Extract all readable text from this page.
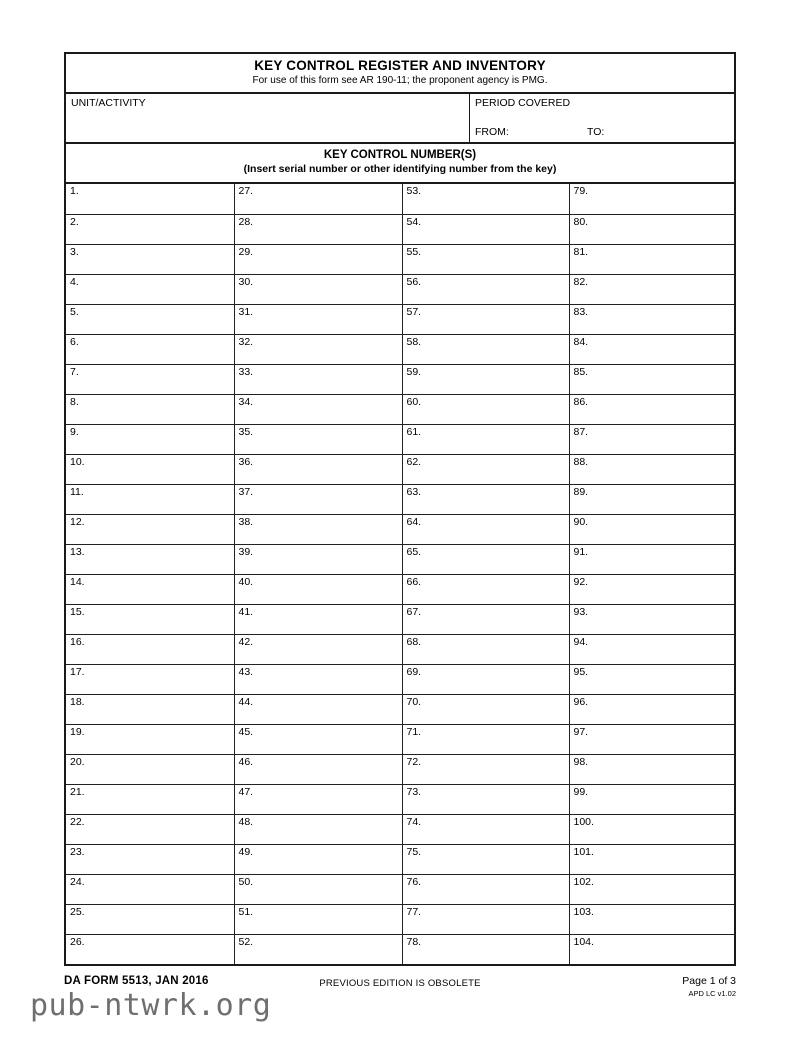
KEY CONTROL REGISTER AND INVENTORY
For use of this form see AR 190-11; the proponent agency is PMG.
UNIT/ACTIVITY	PERIOD COVERED
FROM:	TO:
KEY CONTROL NUMBER(S)
(Insert serial number or other identifying number from the key)
1.	27.	53.	79.
2.	28.	54.	80.
3.	29.	55.	81.
4.	30.	56.	82.
5.	31.	57.	83.
6.	32.	58.	84.
7.	33.	59.	85.
8.	34.	60.	86.
9.	35.	61.	87.
10.	36.	62.	88.
11.	37.	63.	89.
12.	38.	64.	90.
13.	39.	65.	91.
14.	40.	66.	92.
15.	41.	67.	93.
16.	42.	68.	94.
17.	43.	69.	95.
18.	44.	70.	96.
19.	45.	71.	97.
20.	46.	72.	98.
21.	47.	73.	99.
22.	48.	74.	100.
23.	49.	75.	101.
24.	50.	76.	102.
25.	51.	77.	103.
26.	52.	78.	104.
DA FORM 5513, JAN 2016	PREVIOUS EDITION IS OBSOLETE	Page 1 of 3
APD LC v1.02
pub-ntwrk.org
